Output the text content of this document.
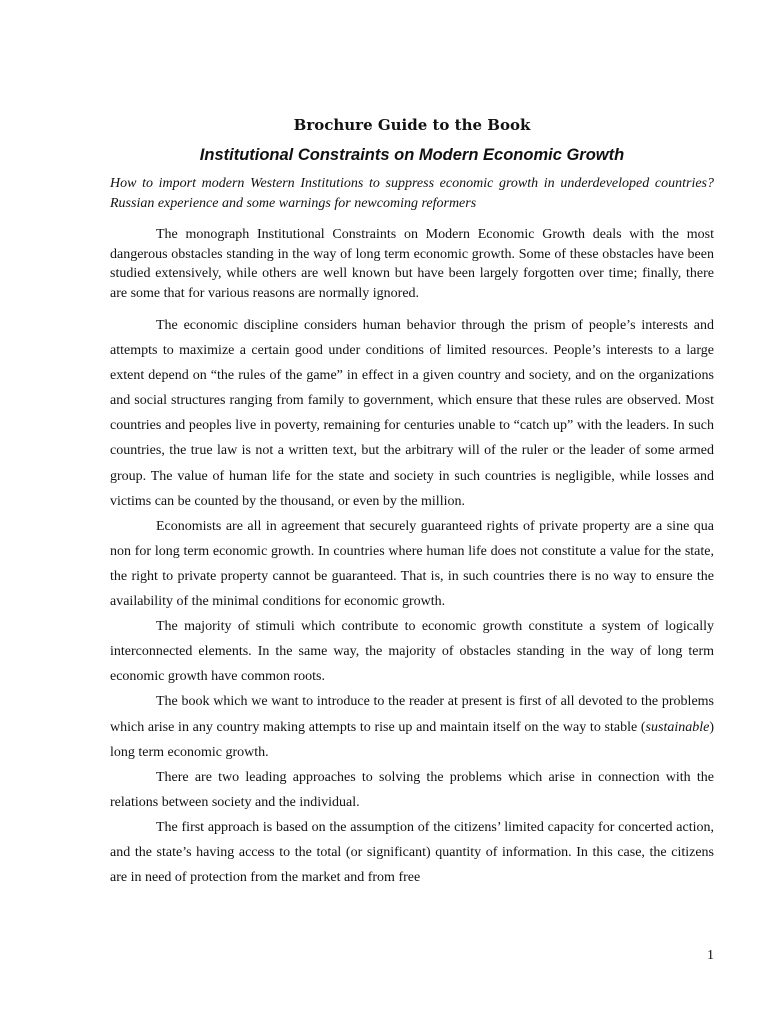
Brochure Guide to the Book
Institutional Constraints on Modern Economic Growth
How to import modern Western Institutions to suppress economic growth in underdeveloped countries? Russian experience and some warnings for newcoming reformers

The monograph Institutional Constraints on Modern Economic Growth deals with the most dangerous obstacles standing in the way of long term economic growth. Some of these obstacles have been studied extensively, while others are well known but have been largely forgotten over time; finally, there are some that for various reasons are normally ignored.

The economic discipline considers human behavior through the prism of people’s interests and attempts to maximize a certain good under conditions of limited resources. People’s interests to a large extent depend on “the rules of the game” in effect in a given country and society, and on the organizations and social structures ranging from family to government, which ensure that these rules are observed. Most countries and peoples live in poverty, remaining for centuries unable to “catch up” with the leaders. In such countries, the true law is not a written text, but the arbitrary will of the ruler or the leader of some armed group. The value of human life for the state and society in such countries is negligible, while losses and victims can be counted by the thousand, or even by the million.

Economists are all in agreement that securely guaranteed rights of private property are a sine qua non for long term economic growth. In countries where human life does not constitute a value for the state, the right to private property cannot be guaranteed. That is, in such countries there is no way to ensure the availability of the minimal conditions for economic growth.

The majority of stimuli which contribute to economic growth constitute a system of logically interconnected elements. In the same way, the majority of obstacles standing in the way of long term economic growth have common roots.

The book which we want to introduce to the reader at present is first of all devoted to the problems which arise in any country making attempts to rise up and maintain itself on the way to stable (sustainable) long term economic growth.

There are two leading approaches to solving the problems which arise in connection with the relations between society and the individual.

The first approach is based on the assumption of the citizens’ limited capacity for concerted action, and the state’s having access to the total (or significant) quantity of information. In this case, the citizens are in need of protection from the market and from free

1
